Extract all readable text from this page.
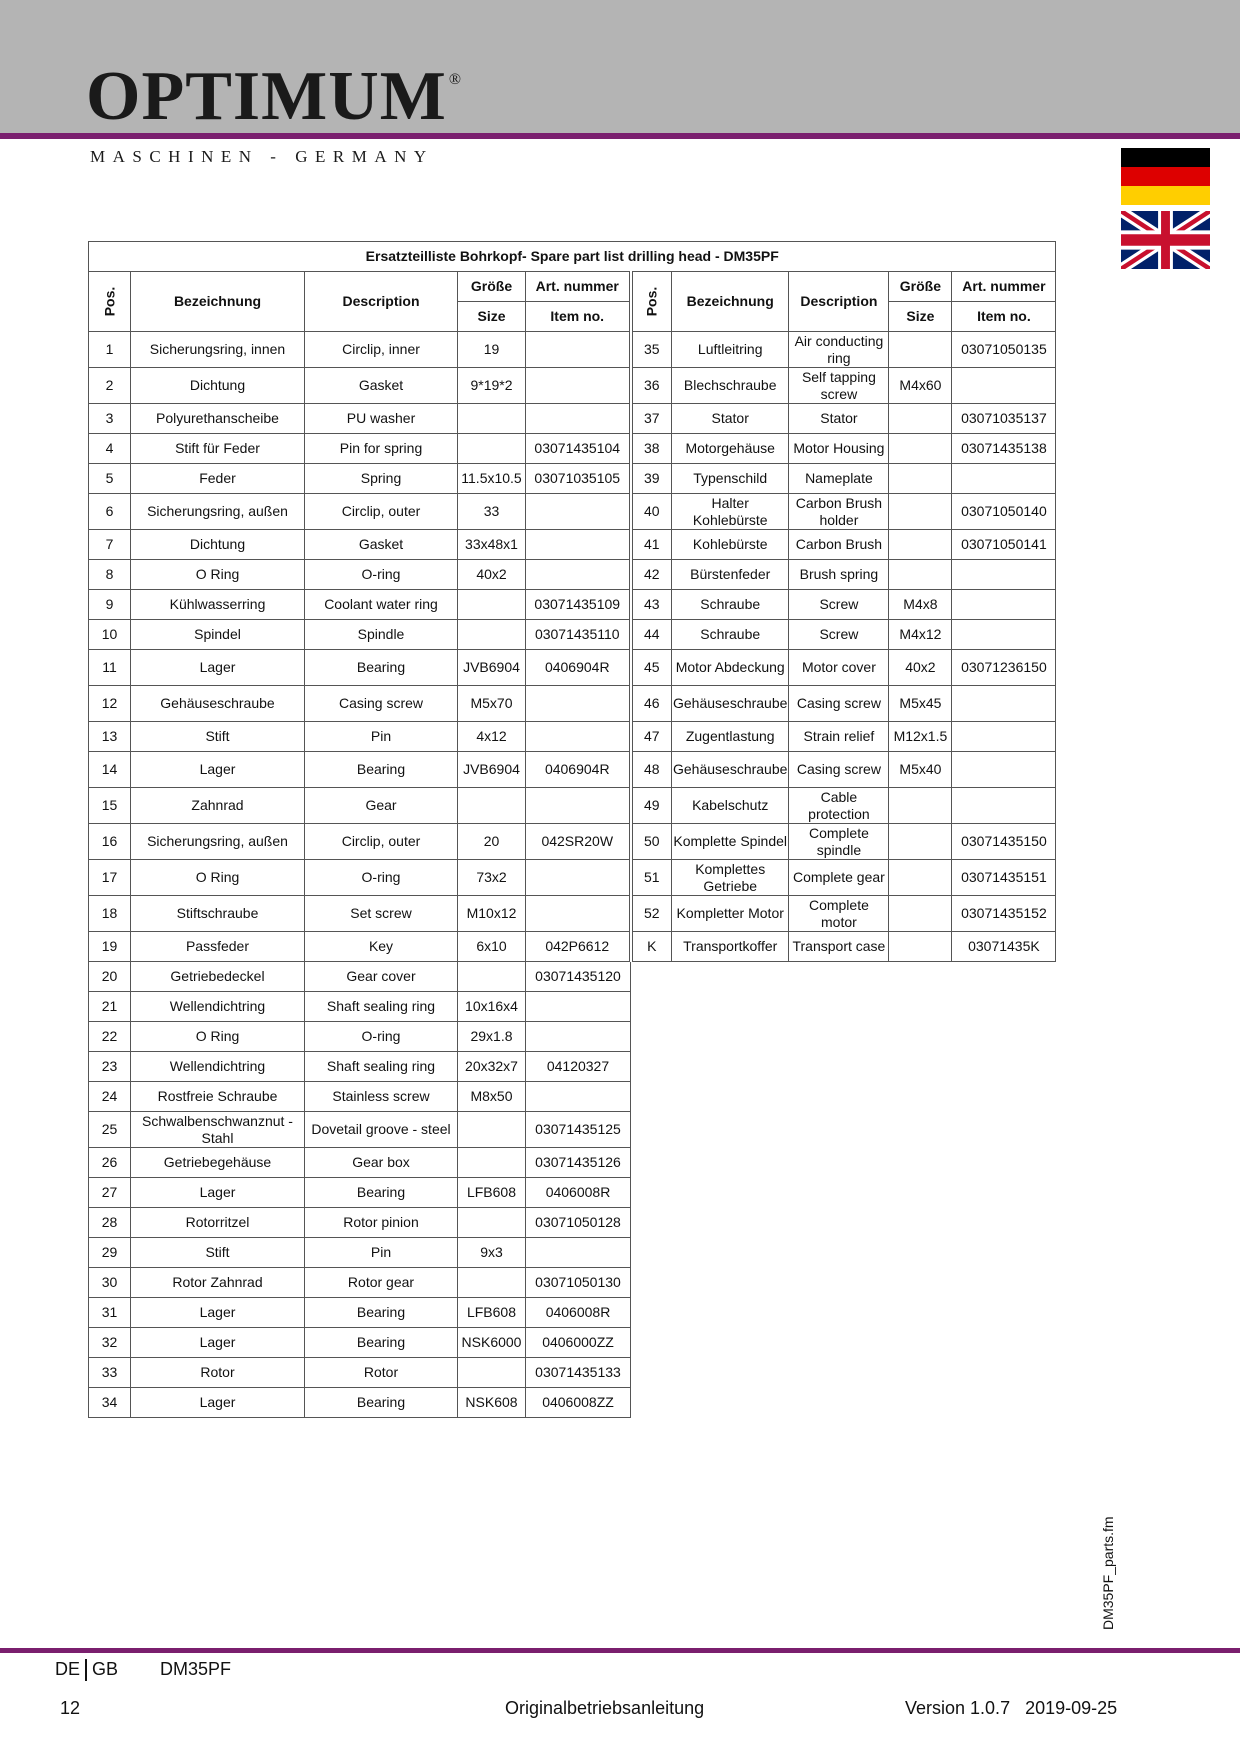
OPTIMUM ®
MASCHINEN - GERMANY
Ersatzteilliste Bohrkopf- Spare part list drilling head - DM35PF									
Pos.	Bezeichnung	Description	Größe	Art. nummer	Pos.	Bezeichnung	Description	Größe	Art. nummer
			Size	Item no.				Size	Item no.
1	Sicherungsring, innen	Circlip, inner	19		35	Luftleitring	Air conducting ring		03071050135
2	Dichtung	Gasket	9*19*2		36	Blechschraube	Self tapping screw	M4x60	
3	Polyurethanscheibe	PU washer			37	Stator	Stator		03071035137
4	Stift für Feder	Pin for spring		03071435104	38	Motorgehäuse	Motor Housing		03071435138
5	Feder	Spring	11.5x10.5	03071035105	39	Typenschild	Nameplate		
6	Sicherungsring, außen	Circlip, outer	33		40	Halter Kohlebürste	Carbon Brush holder		03071050140
7	Dichtung	Gasket	33x48x1		41	Kohlebürste	Carbon Brush		03071050141
8	O Ring	O-ring	40x2		42	Bürstenfeder	Brush spring		
9	Kühlwasserring	Coolant water ring		03071435109	43	Schraube	Screw	M4x8	
10	Spindel	Spindle		03071435110	44	Schraube	Screw	M4x12	
11	Lager	Bearing	JVB6904	0406904R	45	Motor Abdeckung	Motor cover	40x2	03071236150
12	Gehäuseschraube	Casing screw	M5x70		46	Gehäuseschraube	Casing screw	M5x45	
13	Stift	Pin	4x12		47	Zugentlastung	Strain relief	M12x1.5	
14	Lager	Bearing	JVB6904	0406904R	48	Gehäuseschraube	Casing screw	M5x40	
15	Zahnrad	Gear			49	Kabelschutz	Cable protection		
16	Sicherungsring, außen	Circlip, outer	20	042SR20W	50	Komplette Spindel	Complete spindle		03071435150
17	O Ring	O-ring	73x2		51	Komplettes Getriebe	Complete gear		03071435151
18	Stiftschraube	Set screw	M10x12		52	Kompletter Motor	Complete motor		03071435152
19	Passfeder	Key	6x10	042P6612	K	Transportkoffer	Transport case		03071435K
20	Getriebedeckel	Gear cover		03071435120					
21	Wellendichtring	Shaft sealing ring	10x16x4						
22	O Ring	O-ring	29x1.8						
23	Wellendichtring	Shaft sealing ring	20x32x7	04120327					
24	Rostfreie Schraube	Stainless screw	M8x50						
25	Schwalbenschwanznut - Stahl	Dovetail groove - steel		03071435125					
26	Getriebegehäuse	Gear box		03071435126					
27	Lager	Bearing	LFB608	0406008R					
28	Rotorritzel	Rotor pinion		03071050128					
29	Stift	Pin	9x3						
30	Rotor Zahnrad	Rotor gear		03071050130					
31	Lager	Bearing	LFB608	0406008R					
32	Lager	Bearing	NSK6000	0406000ZZ					
33	Rotor	Rotor		03071435133					
34	Lager	Bearing	NSK608	0406008ZZ					
DE GB DM35PF
12	Originalbetriebsanleitung	Version 1.0.7   2019-09-25
DM35PF_parts.fm
